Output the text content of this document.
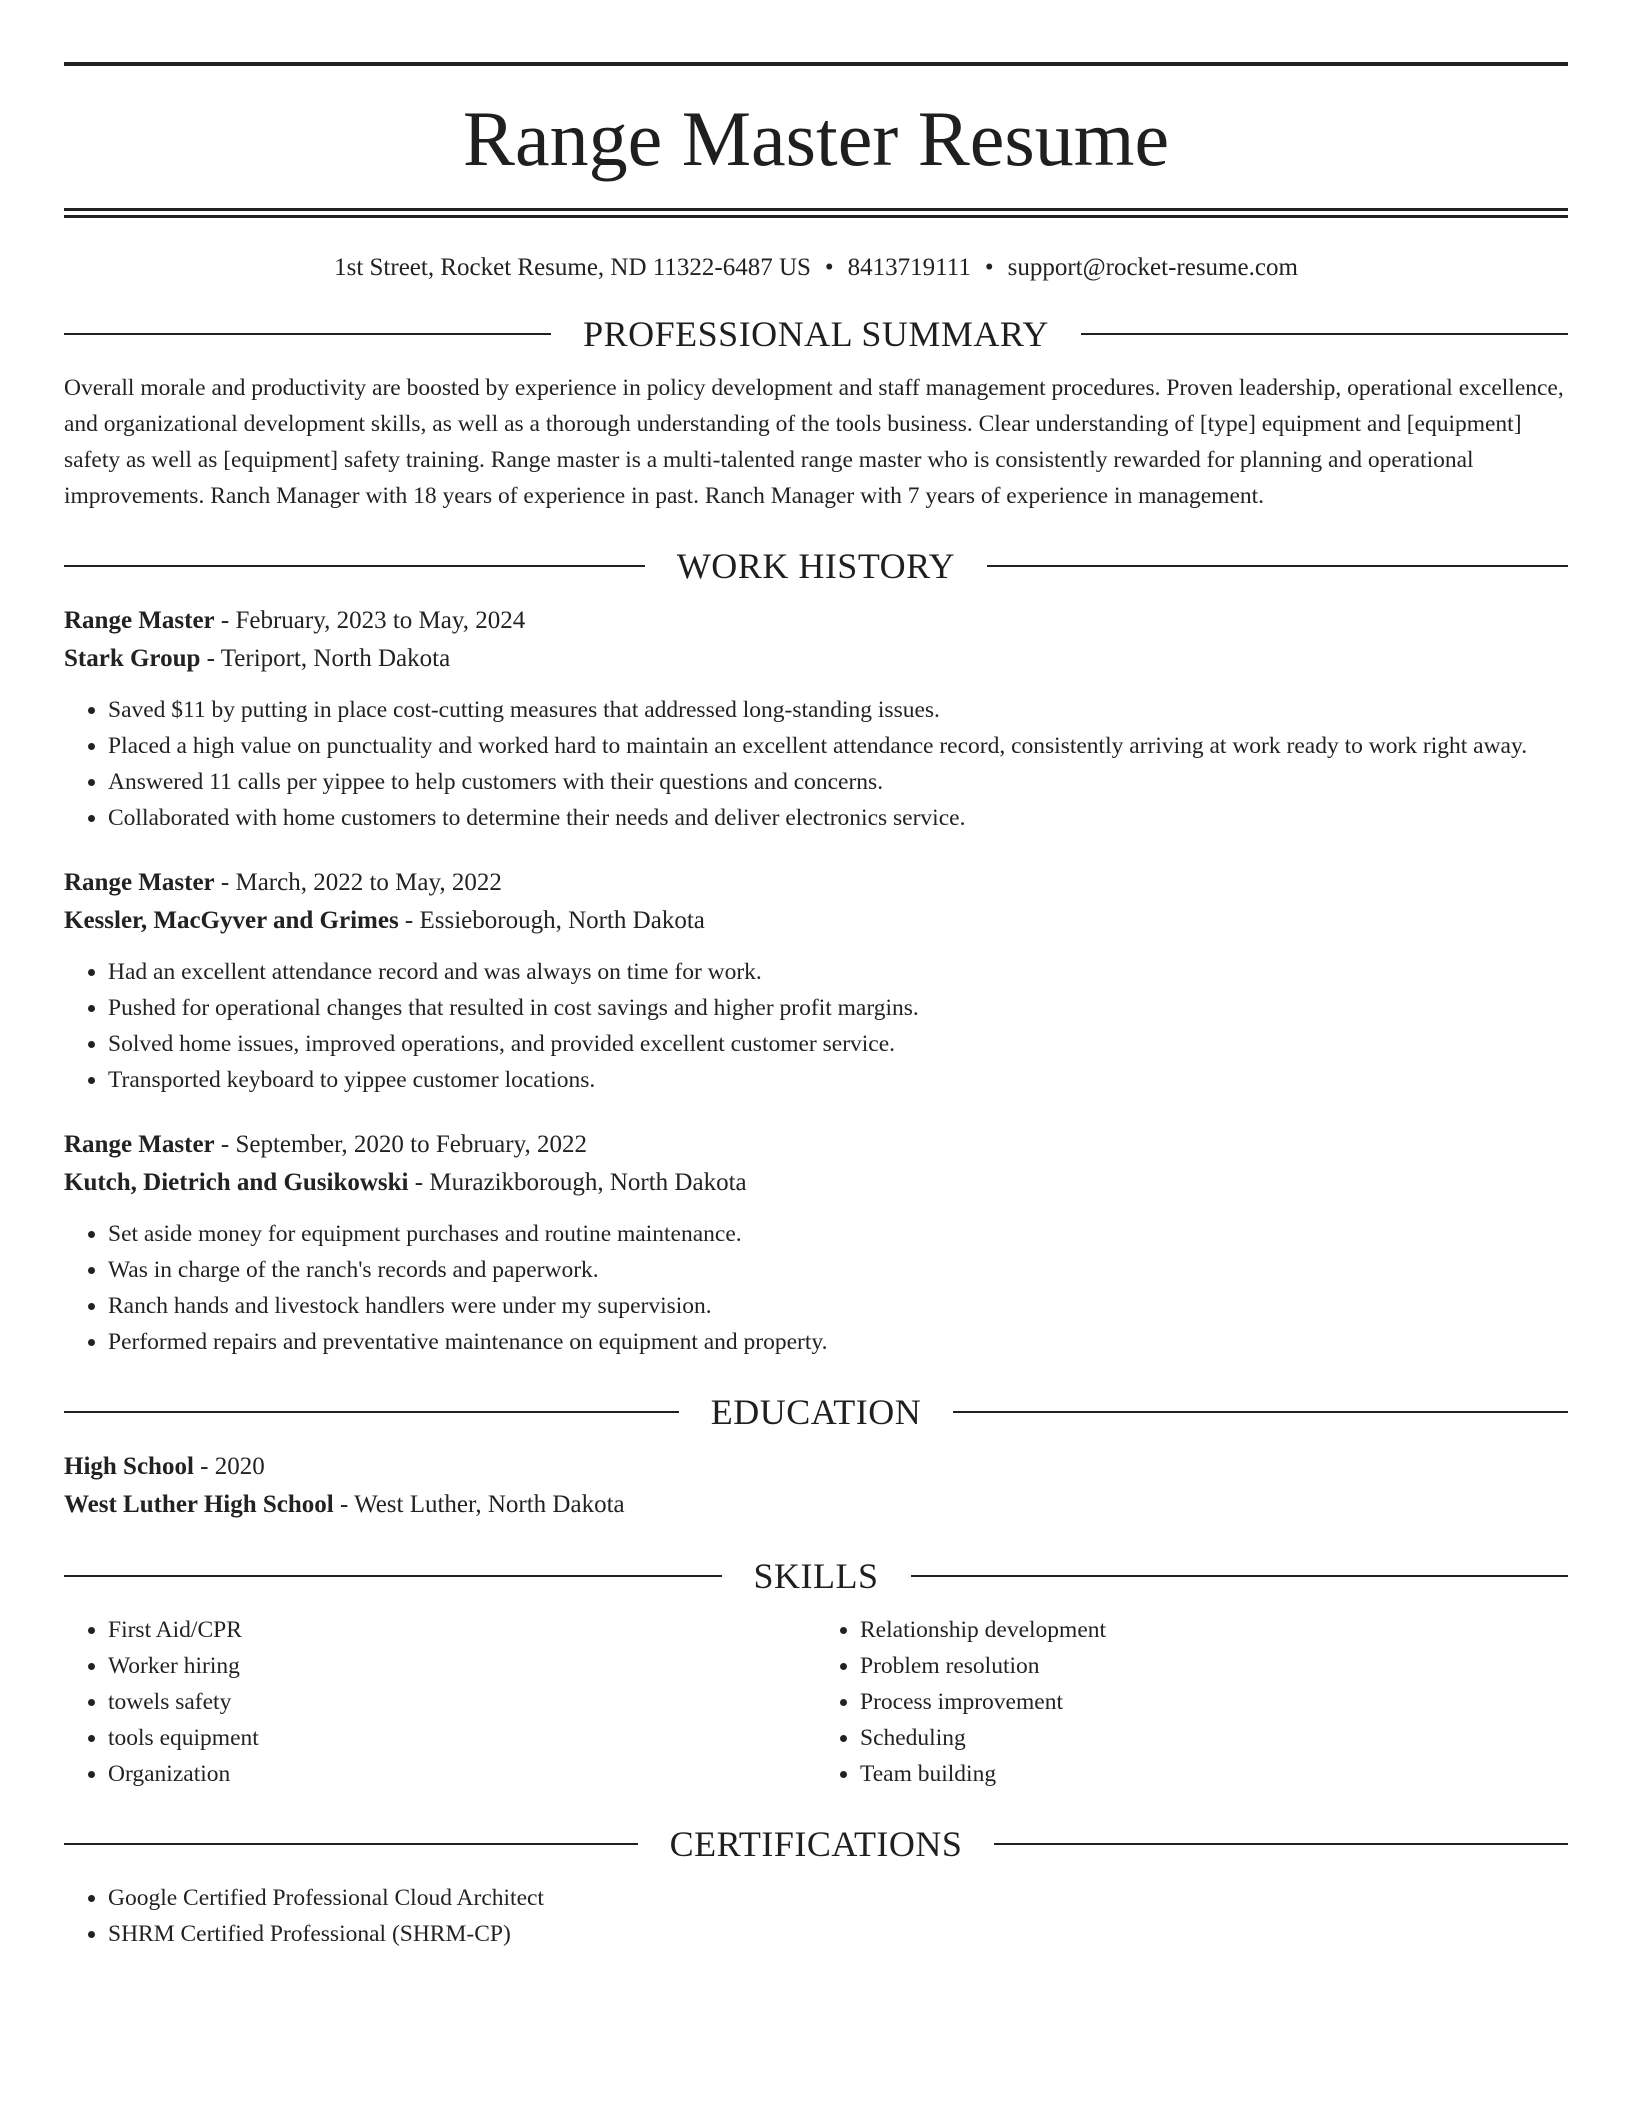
Range Master Resume
1st Street, Rocket Resume, ND 11322-6487 US • 8413719111 • support@rocket-resume.com
PROFESSIONAL SUMMARY

Overall morale and productivity are boosted by experience in policy development and staff management procedures. Proven leadership, operational excellence, and organizational development skills, as well as a thorough understanding of the tools business. Clear understanding of [type] equipment and [equipment] safety as well as [equipment] safety training. Range master is a multi-talented range master who is consistently rewarded for planning and operational improvements. Ranch Manager with 18 years of experience in past. Ranch Manager with 7 years of experience in management.

WORK HISTORY
Range Master - February, 2023 to May, 2024
Stark Group - Teriport, North Dakota
• Saved $11 by putting in place cost-cutting measures that addressed long-standing issues.
• Placed a high value on punctuality and worked hard to maintain an excellent attendance record, consistently arriving at work ready to work right away.
• Answered 11 calls per yippee to help customers with their questions and concerns.
• Collaborated with home customers to determine their needs and deliver electronics service.
Range Master - March, 2022 to May, 2022
Kessler, MacGyver and Grimes - Essieborough, North Dakota
• Had an excellent attendance record and was always on time for work.
• Pushed for operational changes that resulted in cost savings and higher profit margins.
• Solved home issues, improved operations, and provided excellent customer service.
• Transported keyboard to yippee customer locations.
Range Master - September, 2020 to February, 2022
Kutch, Dietrich and Gusikowski - Murazikborough, North Dakota
• Set aside money for equipment purchases and routine maintenance.
• Was in charge of the ranch's records and paperwork.
• Ranch hands and livestock handlers were under my supervision.
• Performed repairs and preventative maintenance on equipment and property.
EDUCATION
High School - 2020
West Luther High School - West Luther, North Dakota
SKILLS
• First Aid/CPR
• Worker hiring
• towels safety
• tools equipment
• Organization
• Relationship development
• Problem resolution
• Process improvement
• Scheduling
• Team building
CERTIFICATIONS
• Google Certified Professional Cloud Architect
• SHRM Certified Professional (SHRM-CP)
